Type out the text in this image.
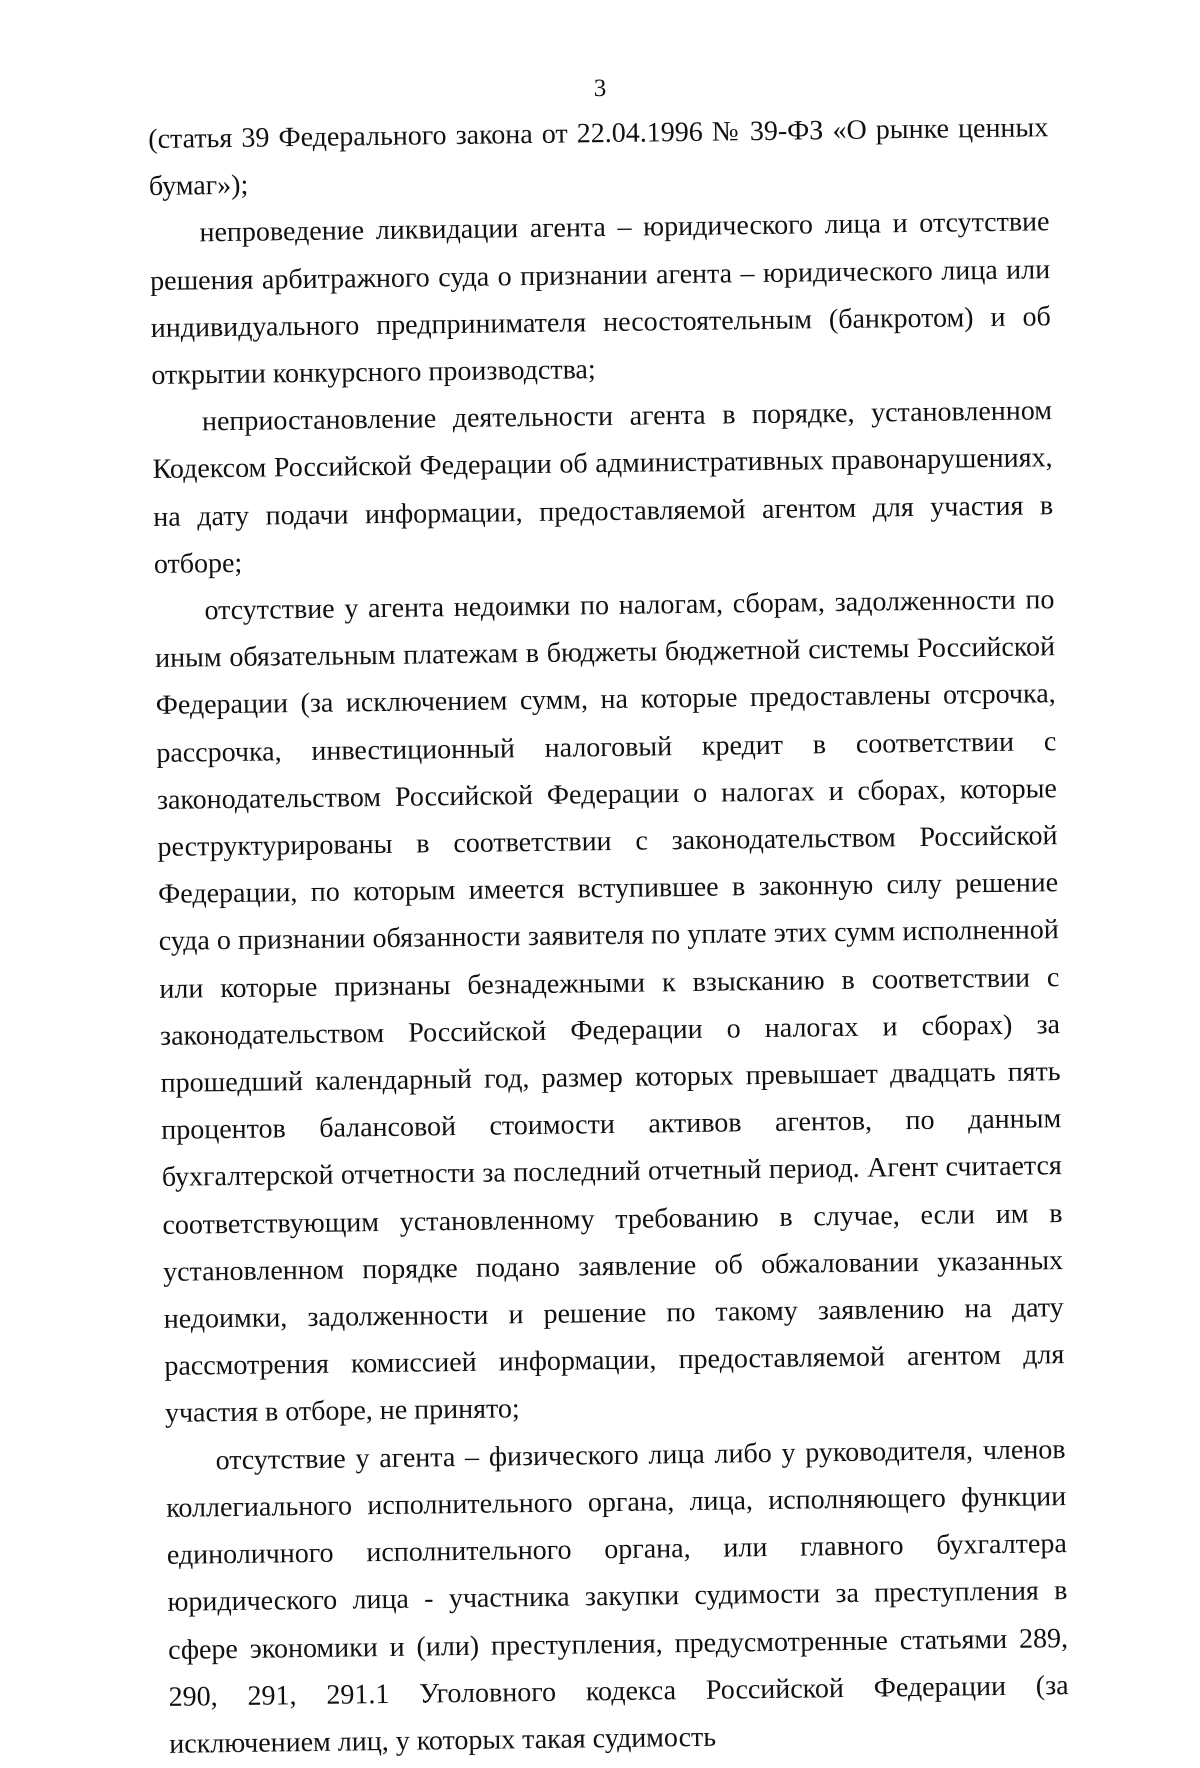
3

(статья 39 Федерального закона от 22.04.1996 № 39-ФЗ «О рынке ценных бумаг»);

непроведение ликвидации агента – юридического лица и отсутствие решения арбитражного суда о признании агента – юридического лица или индивидуального предпринимателя несостоятельным (банкротом) и об открытии конкурсного производства;

неприостановление деятельности агента в порядке, установленном Кодексом Российской Федерации об административных правонарушениях, на дату подачи информации, предоставляемой агентом для участия в отборе;

отсутствие у агента недоимки по налогам, сборам, задолженности по иным обязательным платежам в бюджеты бюджетной системы Российской Федерации (за исключением сумм, на которые предоставлены отсрочка, рассрочка, инвестиционный налоговый кредит в соответствии с законодательством Российской Федерации о налогах и сборах, которые реструктурированы в соответствии с законодательством Российской Федерации, по которым имеется вступившее в законную силу решение суда о признании обязанности заявителя по уплате этих сумм исполненной или которые признаны безнадежными к взысканию в соответствии с законодательством Российской Федерации о налогах и сборах) за прошедший календарный год, размер которых превышает двадцать пять процентов балансовой стоимости активов агентов, по данным бухгалтерской отчетности за последний отчетный период. Агент считается соответствующим установленному требованию в случае, если им в установленном порядке подано заявление об обжаловании указанных недоимки, задолженности и решение по такому заявлению на дату рассмотрения комиссией информации, предоставляемой агентом для участия в отборе, не принято;

отсутствие у агента – физического лица либо у руководителя, членов коллегиального исполнительного органа, лица, исполняющего функции единоличного исполнительного органа, или главного бухгалтера юридического лица - участника закупки судимости за преступления в сфере экономики и (или) преступления, предусмотренные статьями 289, 290, 291, 291.1 Уголовного кодекса Российской Федерации (за исключением лиц, у которых такая судимость
